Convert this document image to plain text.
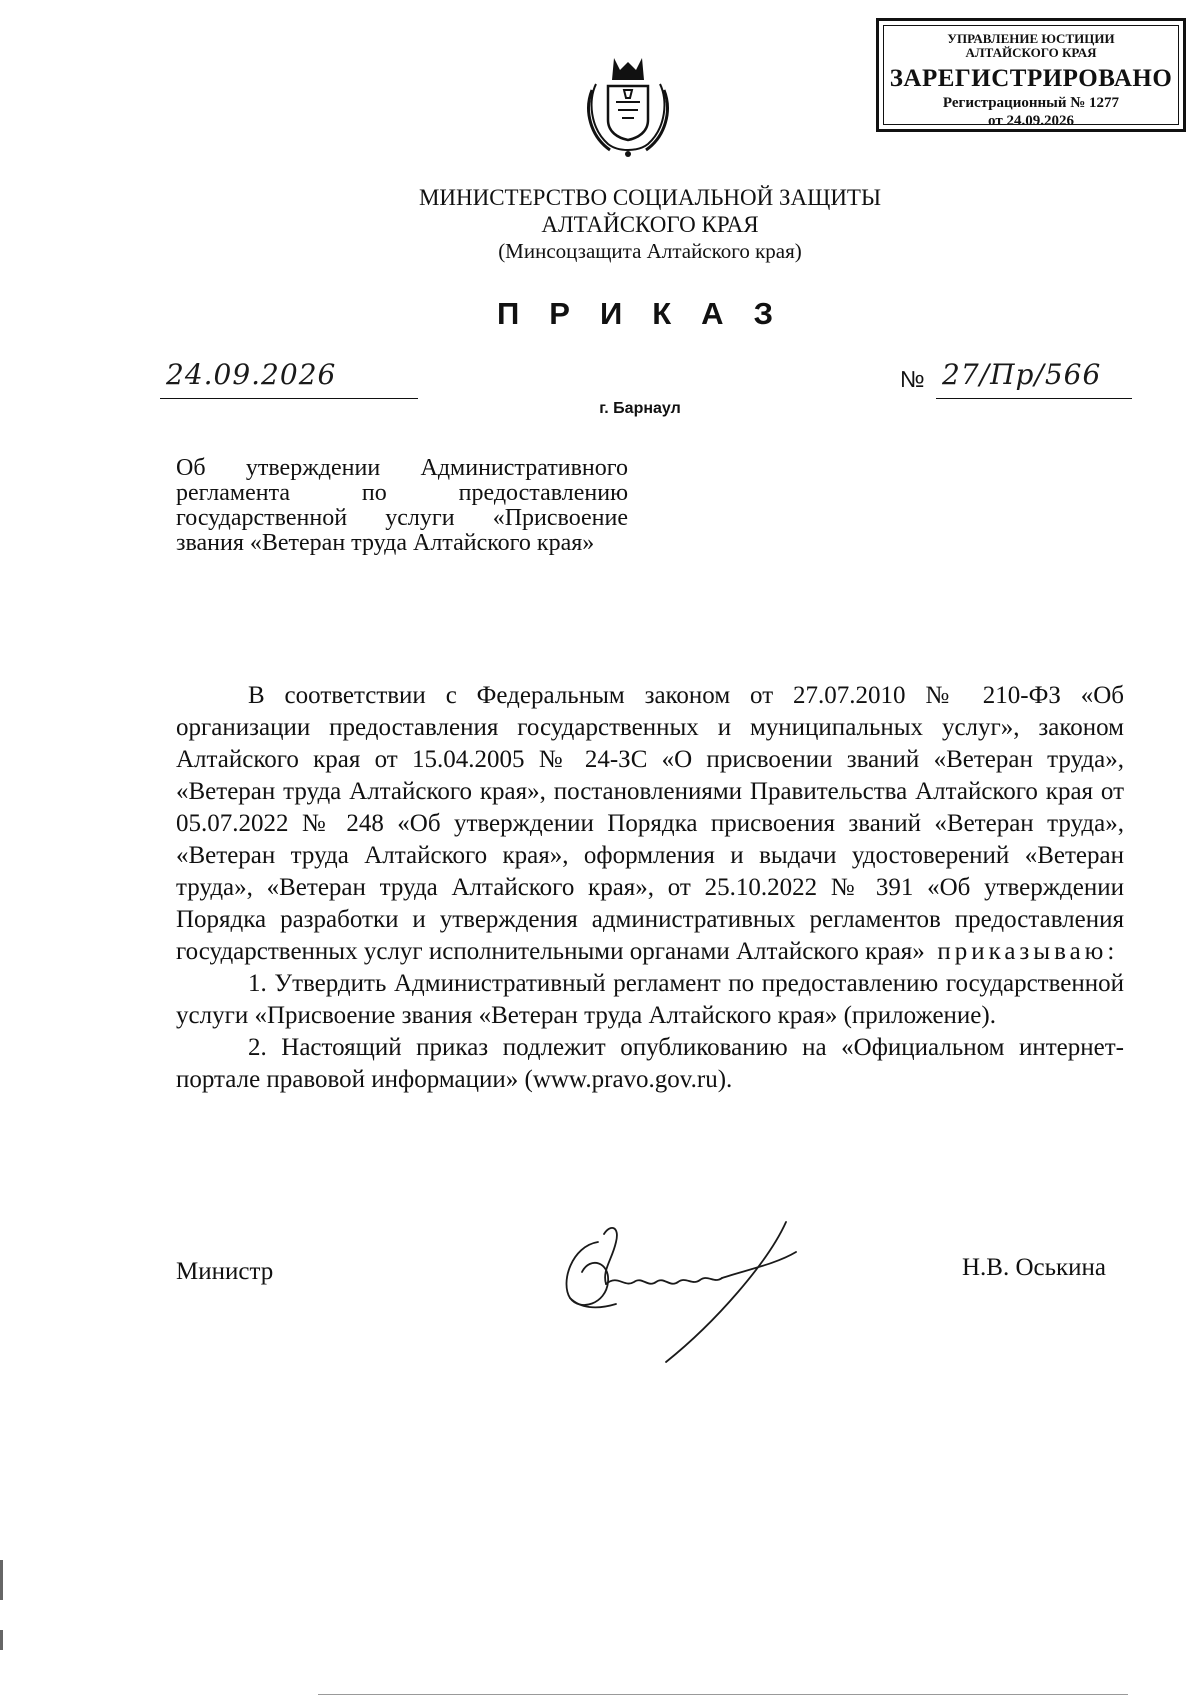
УПРАВЛЕНИЕ ЮСТИЦИИ
АЛТАЙСКОГО КРАЯ
ЗАРЕГИСТРИРОВАНО
Регистрационный № 1277
от 24.09.2026
МИНИСТЕРСТВО СОЦИАЛЬНОЙ ЗАЩИТЫ
АЛТАЙСКОГО КРАЯ
(Минсоцзащита Алтайского края)
ПРИКАЗ
24.09.2026
г. Барнаул
№ 27/Пр/566
Об утверждении Административного регламента по предоставлению государственной услуги «Присвоение звания «Ветеран труда Алтайского края»

В соответствии с Федеральным законом от 27.07.2010 № 210-ФЗ «Об организации предоставления государственных и муниципальных услуг», законом Алтайского края от 15.04.2005 № 24-ЗС «О присвоении званий «Ветеран труда», «Ветеран труда Алтайского края», постановлениями Правительства Алтайского края от 05.07.2022 № 248 «Об утверждении Порядка присвоения званий «Ветеран труда», «Ветеран труда Алтайского края», оформления и выдачи удостоверений «Ветеран труда», «Ветеран труда Алтайского края», от 25.10.2022 № 391 «Об утверждении Порядка разработки и утверждения административных регламентов предоставления государственных услуг исполнительными органами Алтайского края» приказываю:

1. Утвердить Административный регламент по предоставлению государственной услуги «Присвоение звания «Ветеран труда Алтайского края» (приложение).

2. Настоящий приказ подлежит опубликованию на «Официальном интернет-портале правовой информации» (www.pravo.gov.ru).

Министр	Н.В. Оськина
